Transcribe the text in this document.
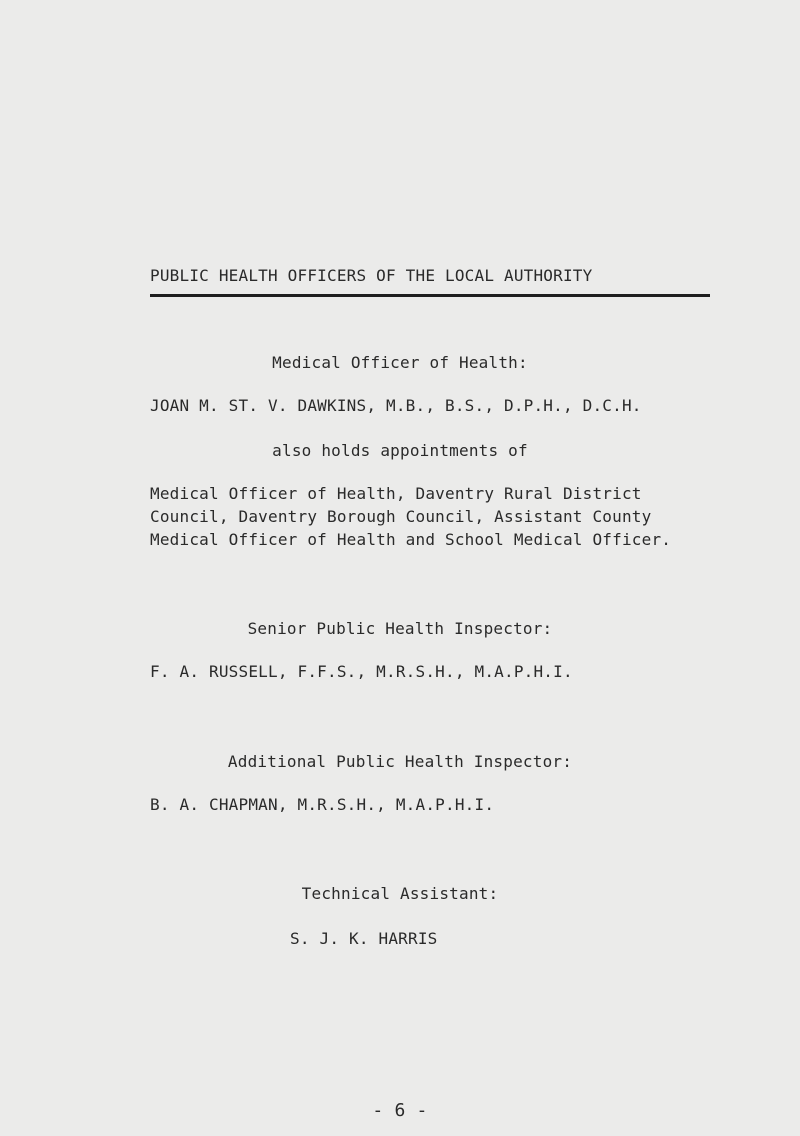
PUBLIC HEALTH OFFICERS OF THE LOCAL AUTHORITY
Medical Officer of Health:
JOAN M. ST. V. DAWKINS, M.B., B.S., D.P.H., D.C.H.
also holds appointments of
Medical Officer of Health, Daventry Rural District
Council, Daventry Borough Council, Assistant County
Medical Officer of Health and School Medical Officer.
Senior Public Health Inspector:
F. A. RUSSELL, F.F.S., M.R.S.H., M.A.P.H.I.
Additional Public Health Inspector:
B. A. CHAPMAN, M.R.S.H., M.A.P.H.I.
Technical Assistant:
S. J. K. HARRIS
- 6 -
